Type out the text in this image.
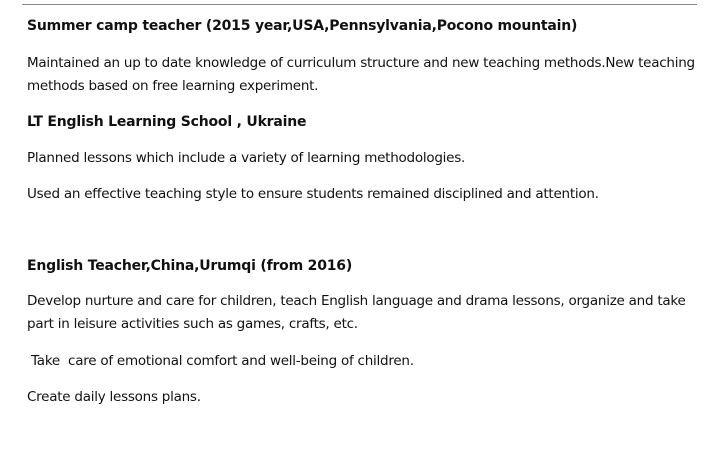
Summer camp teacher (2015 year,USA,Pennsylvania,Pocono mountain)
Maintained an up to date knowledge of curriculum structure and new teaching methods.New teaching methods based on free learning experiment.
LT English Learning School , Ukraine
Planned lessons which include a variety of learning methodologies.
Used an effective teaching style to ensure students remained disciplined and attention.
English Teacher,China,Urumqi (from 2016)
Develop nurture and care for children, teach English language and drama lessons, organize and take part in leisure activities such as games, crafts, etc.
Take  care of emotional comfort and well-being of children.
Create daily lessons plans.
